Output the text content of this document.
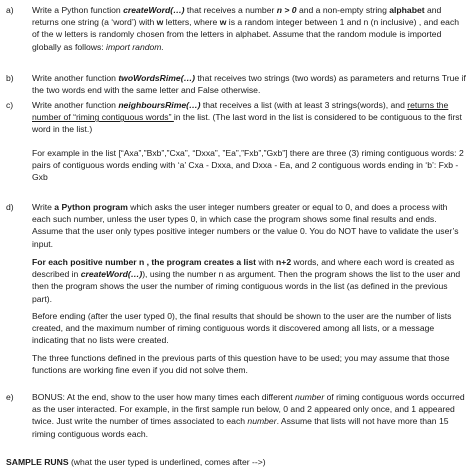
a)	Write a Python function createWord(…) that receives a number n > 0 and a non-empty string alphabet and returns one string (a ‘word’) with w letters, where w is a random integer between 1 and n (n inclusive) , and each of the w letters is randomly chosen from the letters in alphabet. Assume that the random module is imported globally as follows: import random.
b)	Write another function twoWordsRime(…) that receives two strings (two words) as parameters and returns True if the two words end with the same letter and False otherwise.
c)	Write another function neighboursRime(…) that receives a list (with at least 3 strings(words), and returns the number of “riming contiguous words” in the list. (The last word in the list is considered to be contiguous to the first word in the list.)
For example in the list [“Axa”,”Bxb”,”Cxa”, “Dxxa”, ”Ea”,”Fxb”,”Gxb”] there are three (3) riming contiguous words: 2 pairs of contiguous words ending with ‘a’ Cxa - Dxxa, and Dxxa - Ea, and 2 contiguous words ending in ‘b’: Fxb - Gxb
d)	Write a Python program which asks the user integer numbers greater or equal to 0, and does a process with each such number, unless the user types 0, in which case the program shows some final results and ends. Assume that the user only types positive integer numbers or the value 0. You do NOT have to validate the user’s input.
For each positive number n , the program creates a list with n+2 words, and where each word is created as described in createWord(…)), using the number n as argument. Then the program shows the list to the user and then the program shows the user the number of riming contiguous words in the list (as defined in the previous part).
Before ending (after the user typed 0), the final results that should be shown to the user are the number of lists created, and the maximum number of riming contiguous words it discovered among all lists, or a message indicating that no lists were created.
The three functions defined in the previous parts of this question have to be used; you may assume that those functions are working fine even if you did not solve them.
e)	BONUS: At the end, show to the user how many times each different number of riming contiguous words occurred as the user interacted. For example, in the first sample run below, 0 and 2 appeared only once, and 1 appeared twice. Just write the number of times associated to each number. Assume that lists will not have more than 15 riming contiguous words each.
SAMPLE RUNS (what the user typed is underlined, comes after -->)
